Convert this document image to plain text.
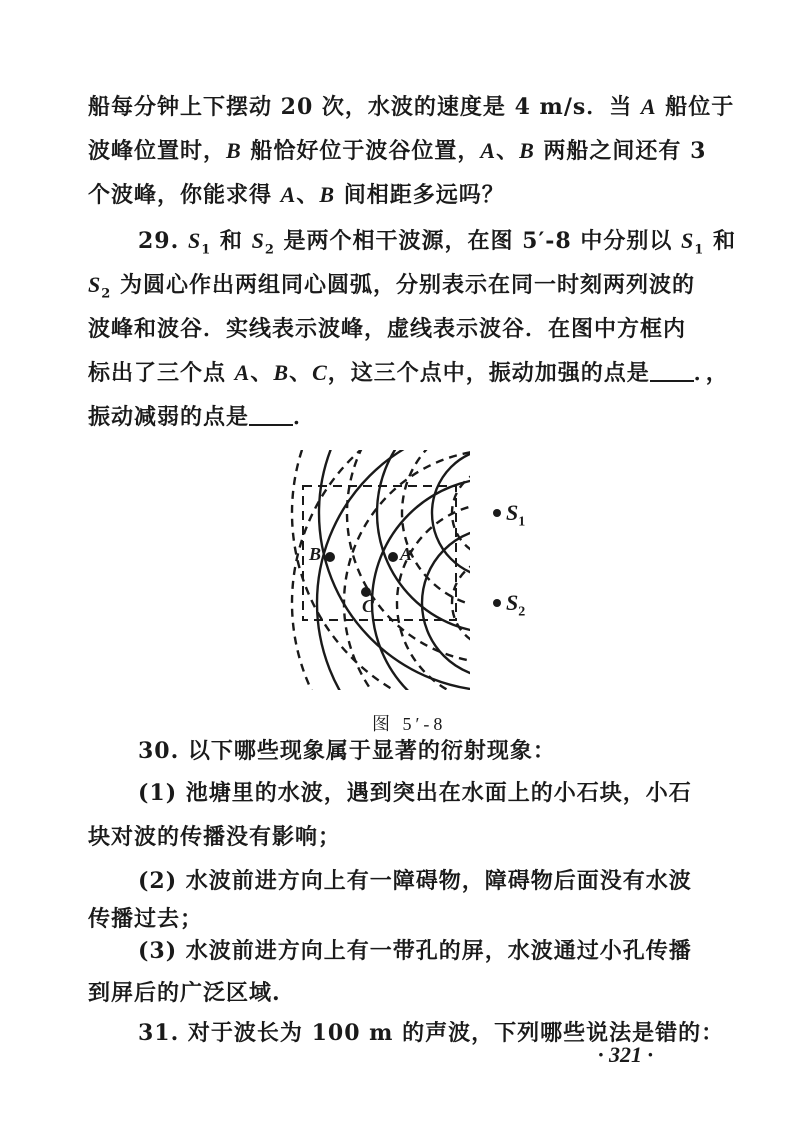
船每分钟上下摆动 20 次，水波的速度是 4 m/s．当 A 船位于
波峰位置时，B 船恰好位于波谷位置，A、B 两船之间还有 3
个波峰，你能求得 A、B 间相距多远吗？
29. $S_1$ 和 $S_2$ 是两个相干波源，在图 5′-8 中分别以 $S_1$ 和
$S_2$ 为圆心作出两组同心圆弧，分别表示在同一时刻两列波的
波峰和波谷．实线表示波峰，虚线表示波谷．在图中方框内
标出了三个点 A、B、C，这三个点中，振动加强的点是 ．，
振动减弱的点是 ．
B	A
C
$S_1$
$S_2$
图 5′-8
30. 以下哪些现象属于显著的衍射现象：
(1) 池塘里的水波，遇到突出在水面上的小石块，小石
块对波的传播没有影响；
(2) 水波前进方向上有一障碍物，障碍物后面没有水波
传播过去；
(3) 水波前进方向上有一带孔的屏，水波通过小孔传播
到屏后的广泛区域.
31. 对于波长为 100 m 的声波，下列哪些说法是错的：
· 321 ·
